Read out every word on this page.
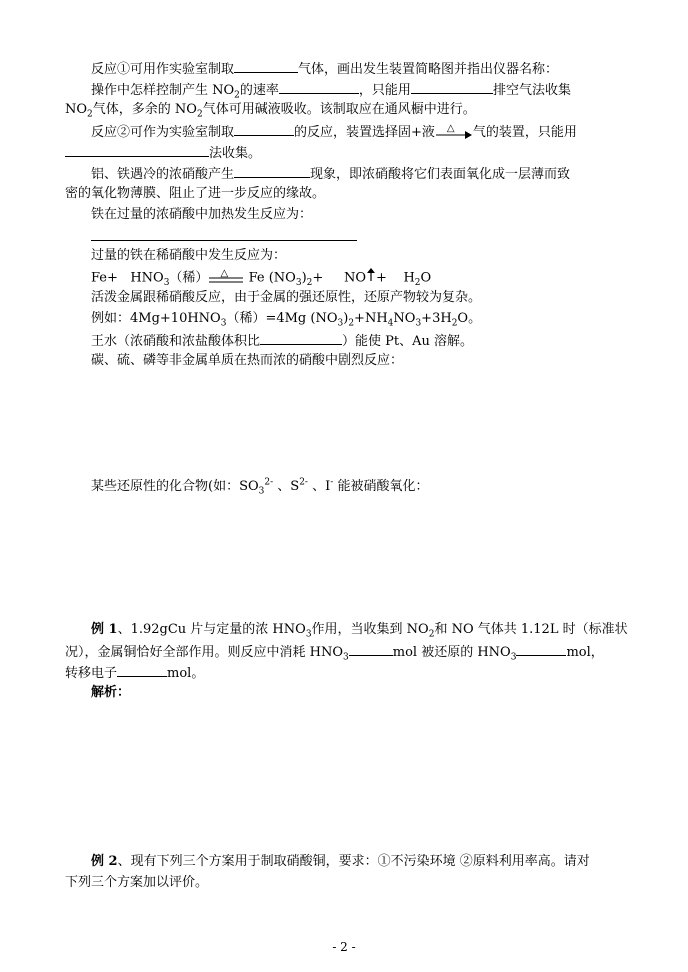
反应①可用作实验室制取	气体，画出发生装置简略图并指出仪器名称：
操作中怎样控制产生 $NO_2$的速率	，只能用	排空气法收集
$NO_2$气体，多余的 $NO_2$气体可用碱液吸收。该制取应在通风橱中进行。
反应②可作为实验室制取	的反应，装置选择固+液 △ 气的装置，只能用
法收集。
铝、铁遇冷的浓硝酸产生	现象，即浓硝酸将它们表面氧化成一层薄而致
密的氧化物薄膜、阻止了进一步反应的缘故。
铁在过量的浓硝酸中加热发生反应为：
过量的铁在稀硝酸中发生反应为：
$Fe+ HNO_3$（稀） △ Fe $(NO_3)_2+$ NO + $H_2O$
活泼金属跟稀硝酸反应，由于金属的强还原性，还原产物较为复杂。
例如：$4Mg+10HNO_3$（稀）=4Mg $(NO_3)_2+NH_4NO_3+3H_2O$。
王水（浓硝酸和浓盐酸体积比	）能使 Pt、Au 溶解。
碳、硫、磷等非金属单质在热而浓的硝酸中剧烈反应：
某些还原性的化合物(如：$SO_3^{2-}$ 、$S^{2-}$ 、I- 能被硝酸氧化：
例 1、1.92gCu 片与定量的浓 $HNO_3$作用，当收集到 $NO_2$和 NO 气体共 1.12L 时（标准状
况），金属铜恰好全部作用。则反应中消耗 $HNO_3$	mol 被还原的 $HNO_3$	mol，
转移电子	mol。
解析：
例 2、现有下列三个方案用于制取硝酸铜，要求：①不污染环境 ②原料利用率高。请对
下列三个方案加以评价。
- 2 -
